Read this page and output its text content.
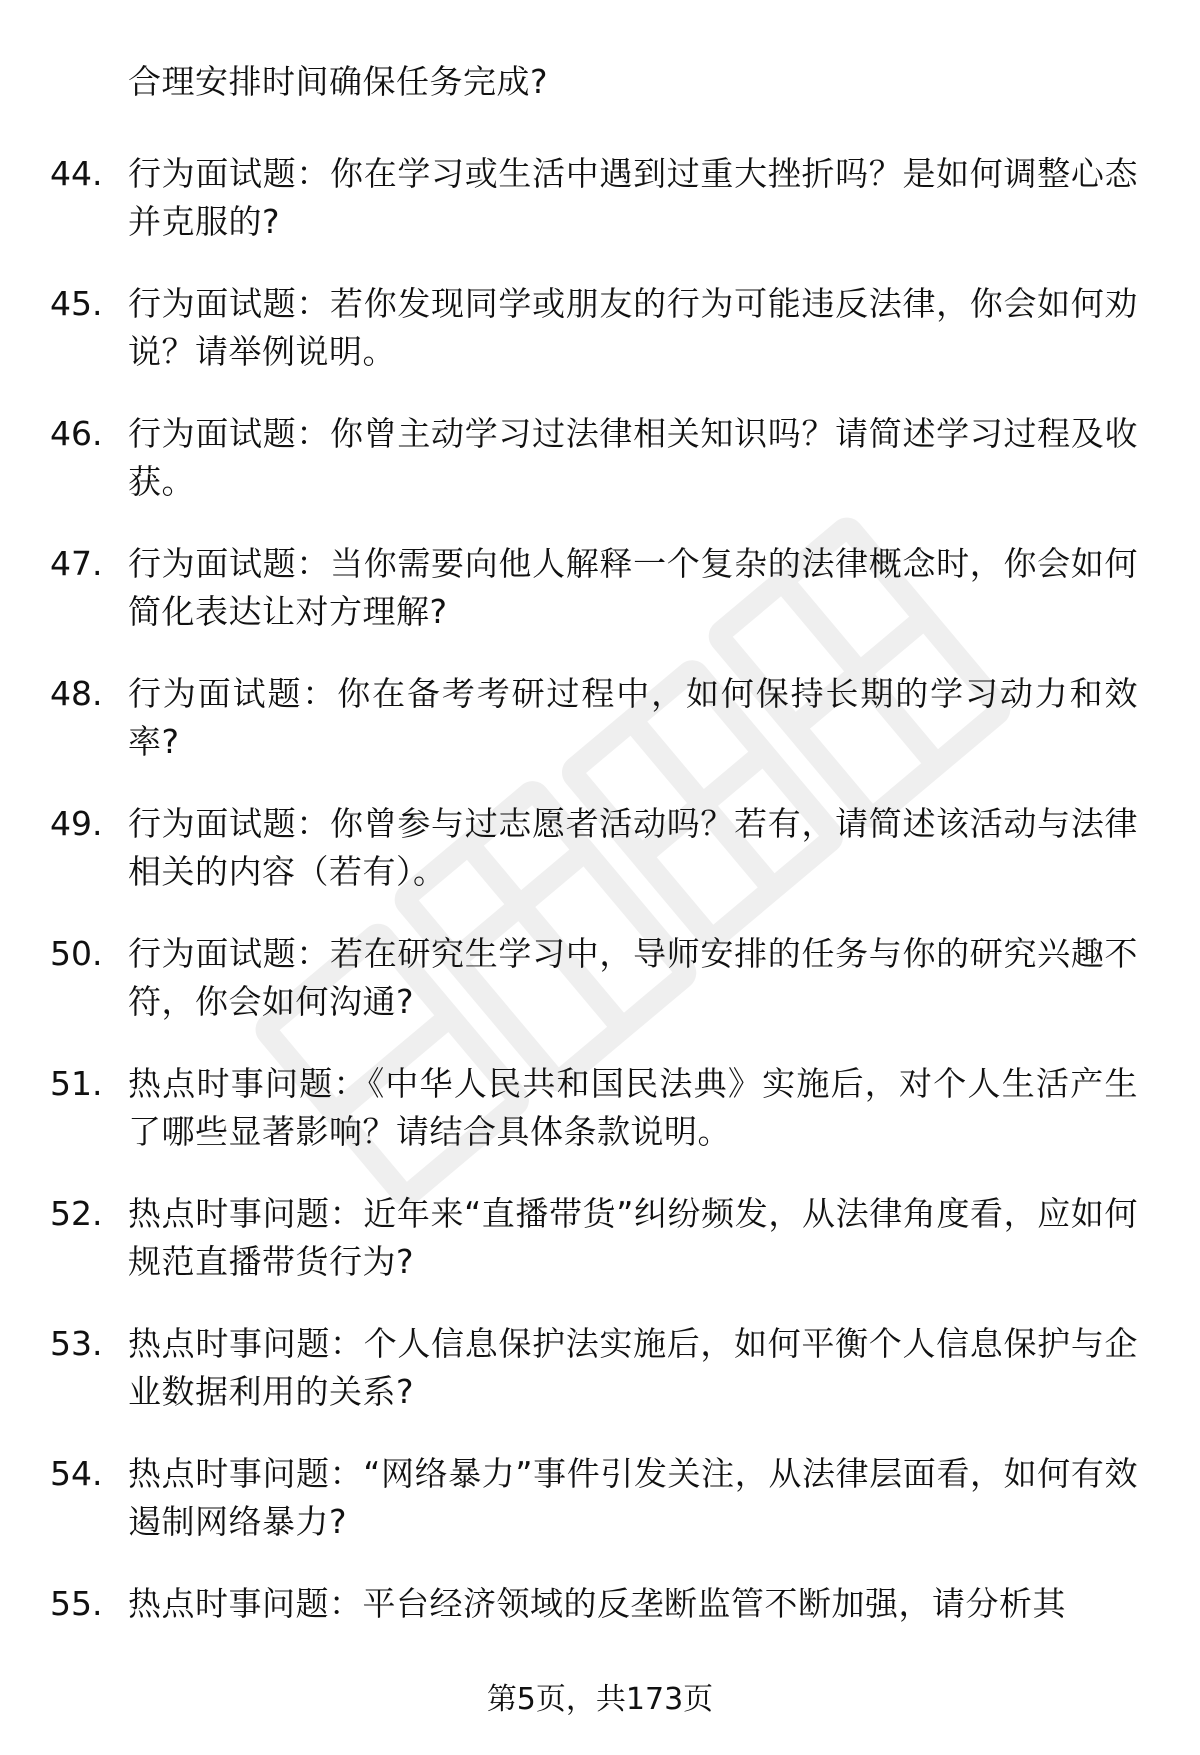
合理安排时间确保任务完成?
44. 行为面试题：你在学习或生活中遇到过重大挫折吗？是如何调整心态并克服的?
45. 行为面试题：若你发现同学或朋友的行为可能违反法律，你会如何劝说？请举例说明。
46. 行为面试题：你曾主动学习过法律相关知识吗？请简述学习过程及收获。
47. 行为面试题：当你需要向他人解释一个复杂的法律概念时，你会如何简化表达让对方理解?
48. 行为面试题：你在备考考研过程中，如何保持长期的学习动力和效率?
49. 行为面试题：你曾参与过志愿者活动吗？若有，请简述该活动与法律相关的内容（若有）。
50. 行为面试题：若在研究生学习中，导师安排的任务与你的研究兴趣不符，你会如何沟通?
51. 热点时事问题：《中华人民共和国民法典》实施后，对个人生活产生了哪些显著影响？请结合具体条款说明。
52. 热点时事问题：近年来“直播带货”纠纷频发，从法律角度看，应如何规范直播带货行为?
53. 热点时事问题：个人信息保护法实施后，如何平衡个人信息保护与企业数据利用的关系?
54. 热点时事问题：“网络暴力”事件引发关注，从法律层面看，如何有效遏制网络暴力?
55. 热点时事问题：平台经济领域的反垄断监管不断加强，请分析其
第5页，共173页
